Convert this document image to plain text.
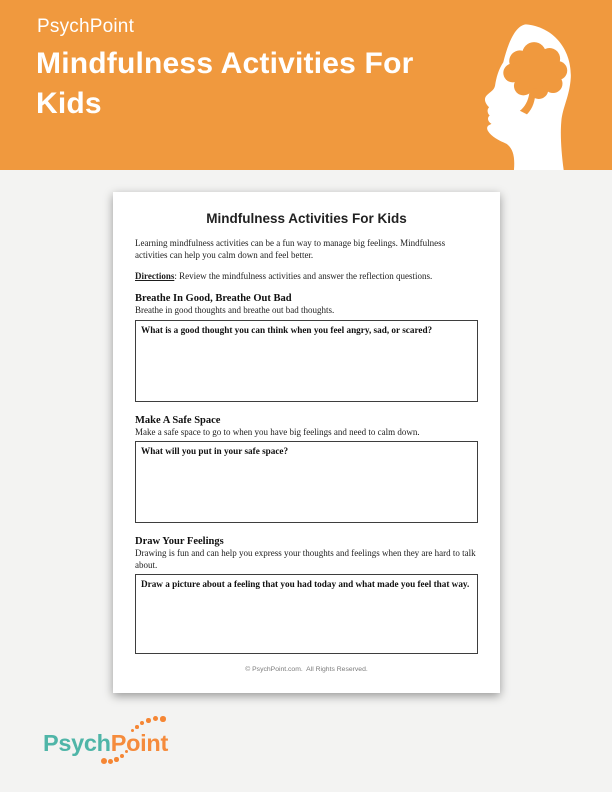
PsychPoint
Mindfulness Activities For Kids
Mindfulness Activities For Kids

Learning mindfulness activities can be a fun way to manage big feelings. Mindfulness activities can help you calm down and feel better.

Directions: Review the mindfulness activities and answer the reflection questions.

Breathe In Good, Breathe Out Bad
Breathe in good thoughts and breathe out bad thoughts.
What is a good thought you can think when you feel angry, sad, or scared?
Make A Safe Space
Make a safe space to go to when you have big feelings and need to calm down.
What will you put in your safe space?
Draw Your Feelings
Drawing is fun and can help you express your thoughts and feelings when they are hard to talk about.
Draw a picture about a feeling that you had today and what made you feel that way.
© PsychPoint.com.  All Rights Reserved.
PsychPoint
